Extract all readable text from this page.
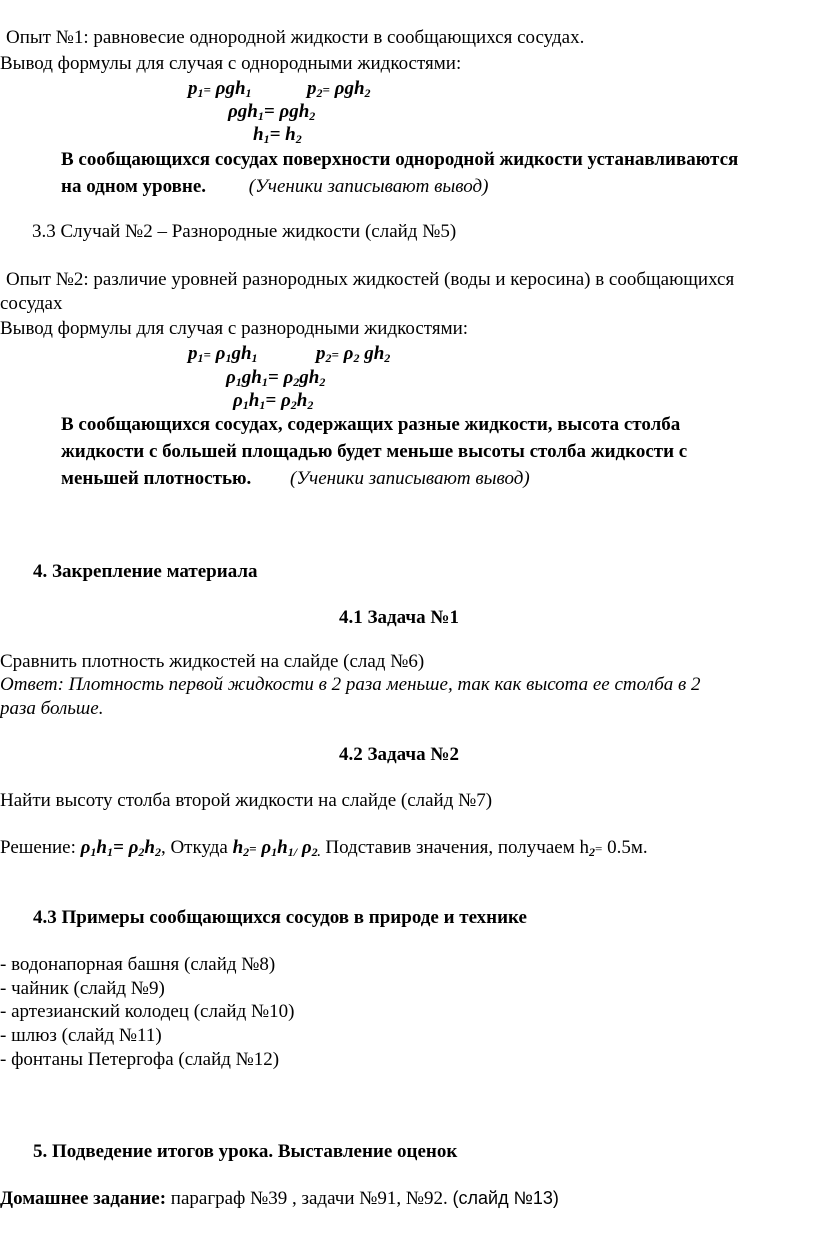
Опыт №1: равновесие однородной жидкости в сообщающихся сосудах.
Вывод формулы для случая с однородными жидкостями:
$p_1= \rho gh_1$	$p_2= \rho gh_2$
ρgh$_1$= ρgh$_2$
$h_1= h_2$
В сообщающихся сосудах поверхности однородной жидкости устанавливаются
на одном уровне. (Ученики записывают вывод)
3.3 Случай №2 – Разнородные жидкости (слайд №5)
Опыт №2: различие уровней разнородных жидкостей (воды и керосина) в сообщающихся
сосудах
Вывод формулы для случая с разнородными жидкостями:
$p_1= \rho_1gh_1$	$p_2= \rho_2$ $gh_2$
$\rho_1gh_1= \rho_2gh_2$
$\rho_1h_1= \rho_2h_2$
В сообщающихся сосудах, содержащих разные жидкости, высота столба
жидкости с большей площадью будет меньше высоты столба жидкости с
меньшей плотностью. (Ученики записывают вывод)
4. Закрепление материала
4.1 Задача №1
Сравнить плотность жидкостей на слайде (слад №6)
Ответ: Плотность первой жидкости в 2 раза меньше, так как высота ее столба в 2
раза больше.
4.2 Задача №2
Найти высоту столба второй жидкости на слайде (слайд №7)
Решение: $\rho_1h_1= \rho_2h_2$, Откуда $h_2= \rho_1h_{1/}$ $\rho_{2.}$ Подставив значения, получаем $h_2= 0.5м$.
4.3 Примеры сообщающихся сосудов в природе и технике
- водонапорная башня (слайд №8)
- чайник (слайд №9)
- артезианский колодец (слайд №10)
- шлюз (слайд №11)
- фонтаны Петергофа (слайд №12)
5. Подведение итогов урока. Выставление оценок
Домашнее задание: параграф №39 , задачи №91, №92. (слайд №13)
